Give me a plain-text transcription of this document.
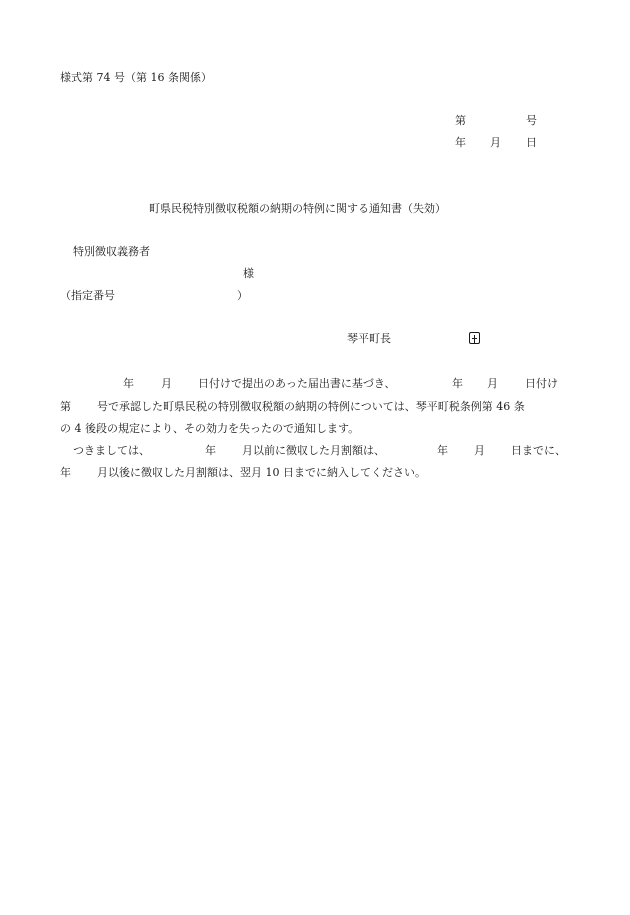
様式第 74 号（第 16 条関係）
第	号
年 月 日
町県民税特別徴収税額の納期の特例に関する通知書（失効）
特別徴収義務者
様
（指定番号	）
琴平町長
年 月 日付けで提出のあった届出書に基づき、	年 月 日付け
第 号で承認した町県民税の特別徴収税額の納期の特例については、琴平町税条例第 46 条
の 4 後段の規定により、その効力を失ったので通知します。
つきましては、	年 月以前に徴収した月割額は、	年 月 日までに、
年 月以後に徴収した月割額は、翌月 10 日までに納入してください。
